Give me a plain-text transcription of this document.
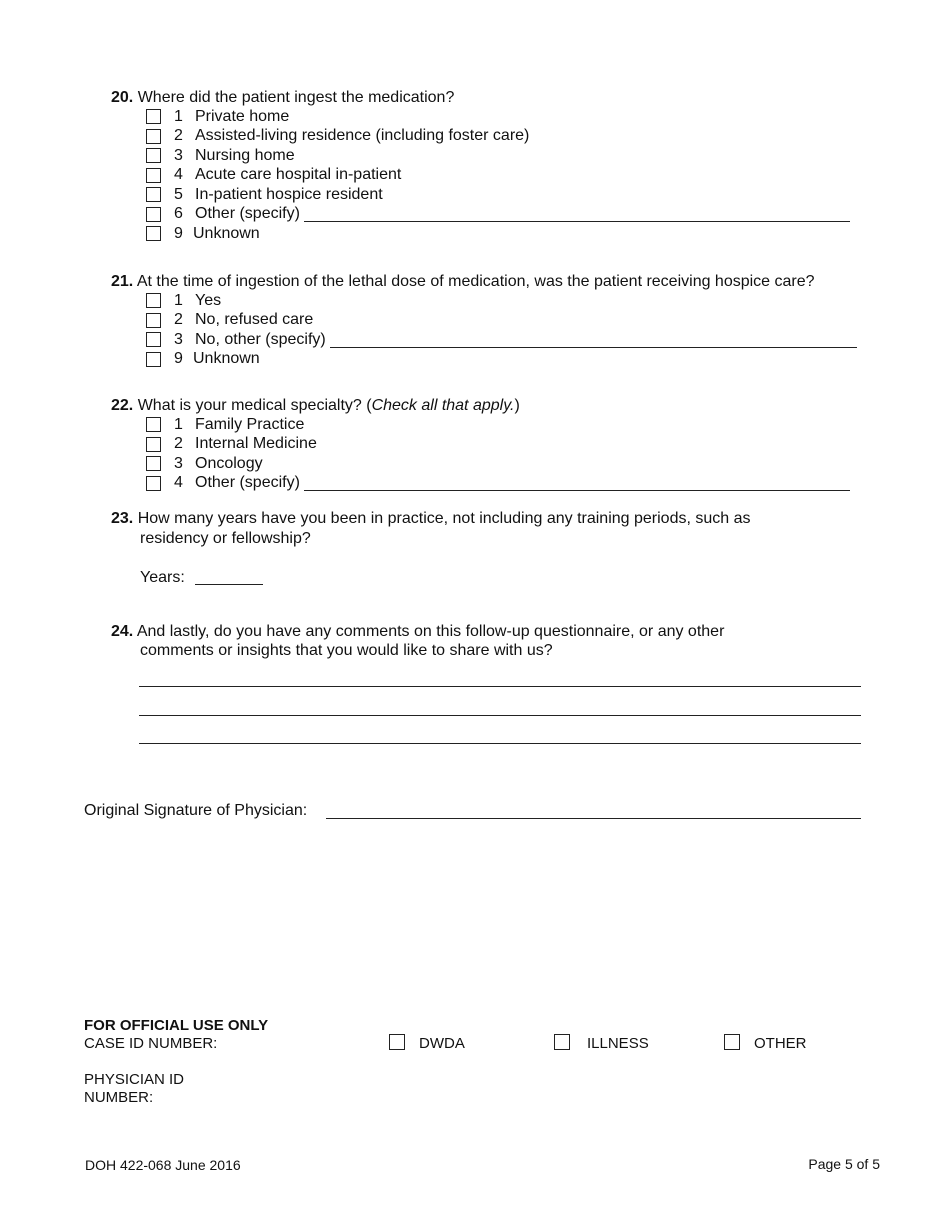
20. Where did the patient ingest the medication?
1 Private home
2 Assisted-living residence (including foster care)
3 Nursing home
4 Acute care hospital in-patient
5 In-patient hospice resident
6 Other (specify)
9 Unknown
21. At the time of ingestion of the lethal dose of medication, was the patient receiving hospice care?
1 Yes
2 No, refused care
3 No, other (specify)
9 Unknown
22. What is your medical specialty? (Check all that apply.)
1 Family Practice
2 Internal Medicine
3 Oncology
4 Other (specify)
23. How many years have you been in practice, not including any training periods, such as
residency or fellowship?
Years:
24. And lastly, do you have any comments on this follow-up questionnaire, or any other
comments or insights that you would like to share with us?
Original Signature of Physician:
FOR OFFICIAL USE ONLY
CASE ID NUMBER:
PHYSICIAN ID
NUMBER:
DWDA	ILLNESS	OTHER
DOH 422-068 June 2016	Page 5 of 5
